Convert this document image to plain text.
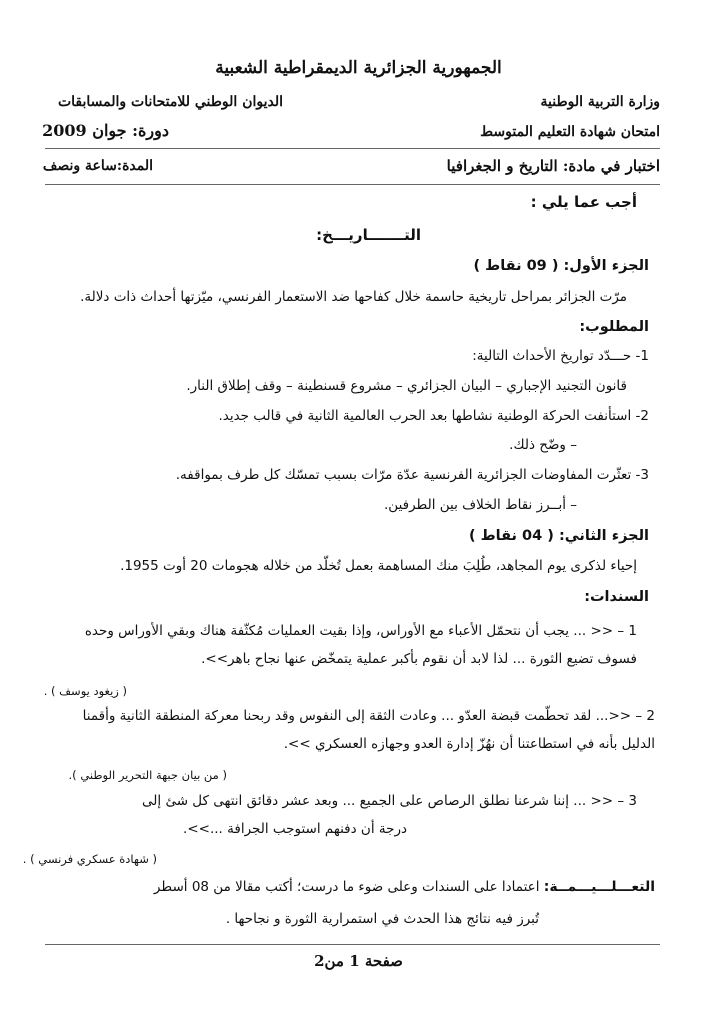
الجمهورية الجزائرية الديمقراطية الشعبية
وزارة التربية الوطنية
الديوان الوطني للامتحانات والمسابقات
امتحان شهادة التعليم المتوسط
دورة: جوان 2009
اختبار في مادة: التاريخ و الجغرافيا
المدة:ساعة ونصف
أجب عما يلي :
التـــــــاريـــخ:
الجزء الأول: ( 09 نقاط )
مرّت الجزائر بمراحل تاريخية حاسمة خلال كفاحها ضد الاستعمار الفرنسي، ميّزتها أحداث ذات دلالة.
المطلوب:
1- حـــدّد تواريخ الأحداث التالية:
قانون التجنيد الإجباري – البيان الجزائري – مشروع قسنطينة – وقف إطلاق النار.
2- استأنفت الحركة الوطنية نشاطها بعد الحرب العالمية الثانية في قالب جديد.
– وضّح ذلك.
3- تعثّرت المفاوضات الجزائرية الفرنسية عدّة مرّات بسبب تمسّك كل طرف بمواقفه.
– أبــرز نقاط الخلاف بين الطرفين.
الجزء الثاني: ( 04 نقاط )
إحياء لذكرى يوم المجاهد، طُلِبَ منك المساهمة بعمل تُخلّد من خلاله هجومات 20 أوت 1955.
السندات:
1 – << ... يجب أن نتحمّل الأعباء مع الأوراس، وإذا بقيت العمليات مُكثّفة هناك وبقي الأوراس وحده
فسوف تضيع الثورة ... لذا لابد أن نقوم بأكبر عملية يتمخّض عنها نجاح باهر>>.
( زيغود يوسف ) .
2 – <<... لقد تحطّمت قبضة العدّو ... وعادت الثقة إلى النفوس وقد ربحنا معركة المنطقة الثانية وأقمنا
الدليل بأنه في استطاعتنا أن نهُزّ إدارة العدو وجهازه العسكري >>.
( من بيان جبهة التحرير الوطني ).
3 – << ... إننا شرعنا نطلق الرصاص على الجميع ... وبعد عشر دقائق انتهى كل شئ إلى
درجة أن دفنهم استوجب الجرافة ...>>.
( شهادة عسكري فرنسي ) .
التعـــلـــيـــمــة: اعتمادا على السندات وعلى ضوء ما درست؛ أكتب مقالا من 08 أسطر
تُبرز فيه نتائج هذا الحدث في استمرارية الثورة و نجاحها .
صفحة 1 من2
